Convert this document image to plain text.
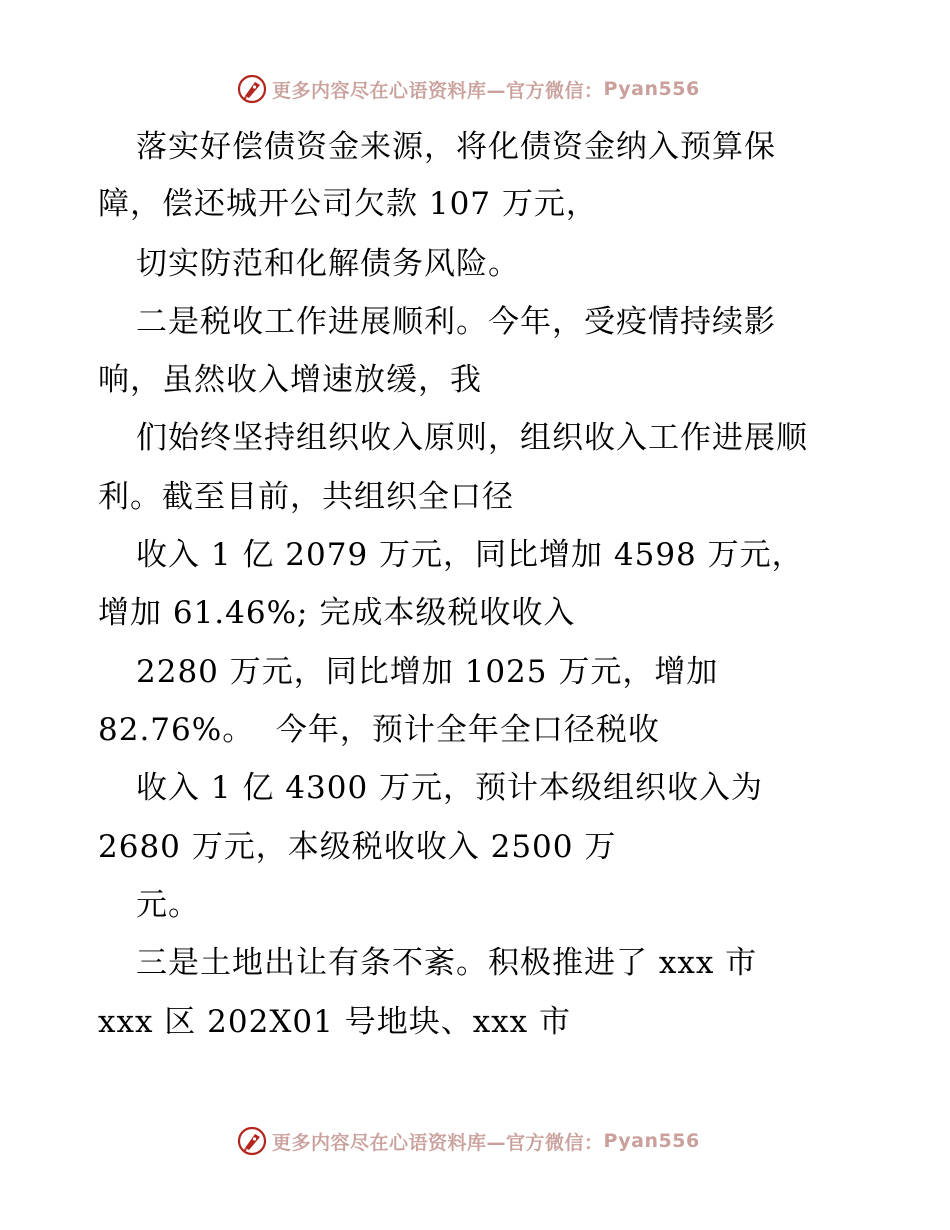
更多内容尽在心语资料库—官方微信： Pyan556

落实好偿债资金来源，将化债资金纳入预算保

障，偿还城开公司欠款 107 万元，

切实防范和化解债务风险。

二是税收工作进展顺利。今年，受疫情持续影

响，虽然收入增速放缓，我

们始终坚持组织收入原则，组织收入工作进展顺

利。截至目前，共组织全口径

收入 1 亿 2079 万元，同比增加 4598 万元，

增加 61.46%; 完成本级税收收入

2280 万元，同比增加 1025 万元，增加

82.76%。  今年，预计全年全口径税收

收入 1 亿 4300 万元，预计本级组织收入为

2680 万元，本级税收收入 2500 万

元。

三是土地出让有条不紊。积极推进了 xxx 市

xxx 区 202X01 号地块、xxx 市

更多内容尽在心语资料库—官方微信： Pyan556
